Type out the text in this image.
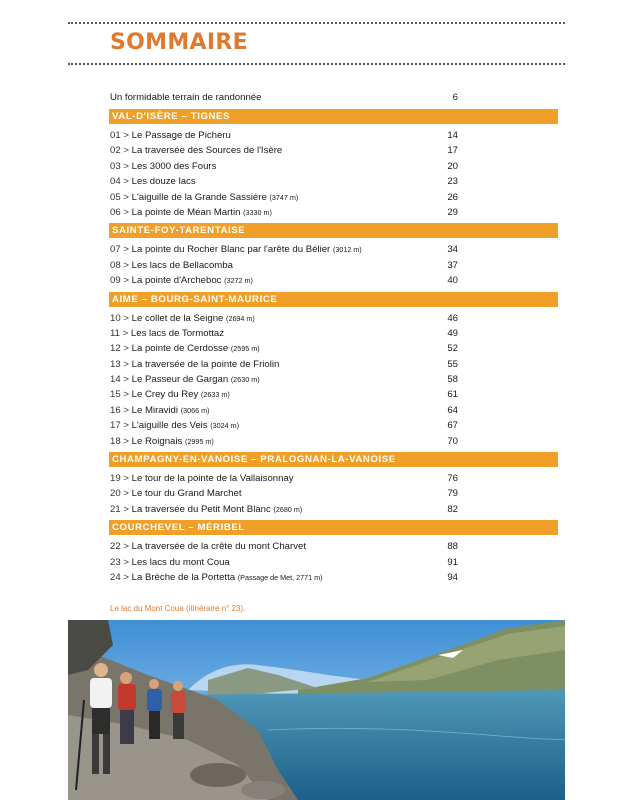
SOMMAIRE
Un formidable terrain de randonnée	6
VAL-D'ISÈRE – TIGNES
01 > Le Passage de Picheru	14
02 > La traversée des Sources de l'Isère	17
03 > Les 3000 des Fours	20
04 > Les douze lacs	23
05 > L'aiguille de la Grande Sassière (3747 m)	26
06 > La pointe de Méan Martin (3330 m)	29
SAINTE-FOY-TARENTAISE
07 > La pointe du Rocher Blanc par l'arête du Bélier (3012 m)	34
08 > Les lacs de Bellacomba	37
09 > La pointe d'Archeboc (3272 m)	40
AIME – BOURG-SAINT-MAURICE
10 > Le collet de la Seigne (2694 m)	46
11 > Les lacs de Tormottaz	49
12 > La pointe de Cerdosse (2595 m)	52
13 > La traversée de la pointe de Friolin	55
14 > Le Passeur de Gargan (2630 m)	58
15 > Le Crey du Rey (2633 m)	61
16 > Le Miravidi (3066 m)	64
17 > L'aiguille des Veis (3024 m)	67
18 > Le Roignais (2995 m)	70
CHAMPAGNY-EN-VANOISE – PRALOGNAN-LA-VANOISE
19 > Le tour de la pointe de la Vallaisonnay	76
20 > Le tour du Grand Marchet	79
21 > La traversée du Petit Mont Blanc (2680 m)	82
COURCHEVEL – MÉRIBEL
22 > La traversée de la crête du mont Charvet	88
23 > Les lacs du mont Coua	91
24 > La Brèche de la Portetta (Passage de Met, 2771 m)	94

Le lac du Mont Coua (itinéraire n° 23).
